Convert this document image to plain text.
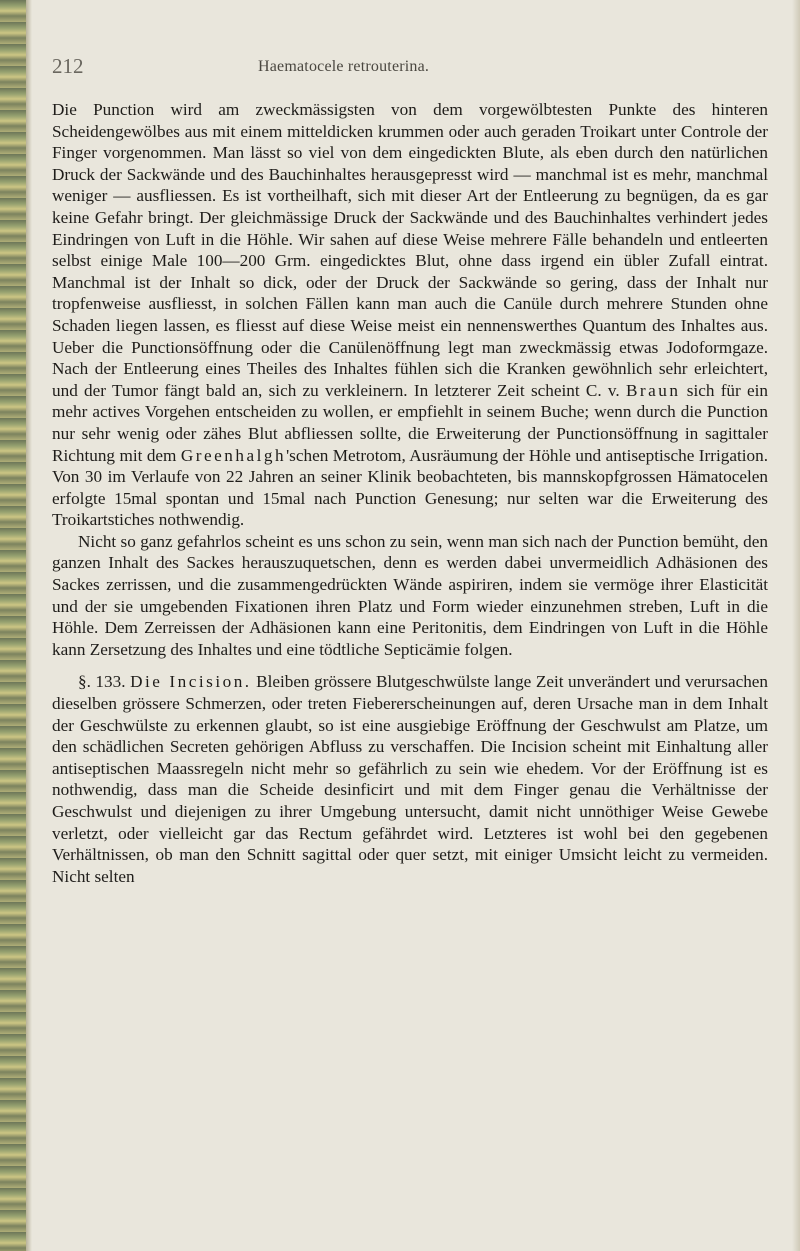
212	Haematocele retrouterina.

Die Punction wird am zweckmässigsten von dem vorgewölbtesten Punkte des hinteren Scheidengewölbes aus mit einem mitteldicken krummen oder auch geraden Troikart unter Controle der Finger vorgenommen. Man lässt so viel von dem eingedickten Blute, als eben durch den natürlichen Druck der Sackwände und des Bauchinhaltes herausgepresst wird — manchmal ist es mehr, manchmal weniger — ausfliessen. Es ist vortheilhaft, sich mit dieser Art der Entleerung zu begnügen, da es gar keine Gefahr bringt. Der gleichmässige Druck der Sackwände und des Bauchinhaltes verhindert jedes Eindringen von Luft in die Höhle. Wir sahen auf diese Weise mehrere Fälle behandeln und entleerten selbst einige Male 100—200 Grm. eingedicktes Blut, ohne dass irgend ein übler Zufall eintrat. Manchmal ist der Inhalt so dick, oder der Druck der Sackwände so gering, dass der Inhalt nur tropfenweise ausfliesst, in solchen Fällen kann man auch die Canüle durch mehrere Stunden ohne Schaden liegen lassen, es fliesst auf diese Weise meist ein nennenswerthes Quantum des Inhaltes aus. Ueber die Punctionsöffnung oder die Canülenöffnung legt man zweckmässig etwas Jodoformgaze. Nach der Entleerung eines Theiles des Inhaltes fühlen sich die Kranken gewöhnlich sehr erleichtert, und der Tumor fängt bald an, sich zu verkleinern. In letzterer Zeit scheint C. v. Braun sich für ein mehr actives Vorgehen entscheiden zu wollen, er empfiehlt in seinem Buche; wenn durch die Punction nur sehr wenig oder zähes Blut abfliessen sollte, die Erweiterung der Punctionsöffnung in sagittaler Richtung mit dem Greenhalgh'schen Metrotom, Ausräumung der Höhle und antiseptische Irrigation. Von 30 im Verlaufe von 22 Jahren an seiner Klinik beobachteten, bis mannskopfgrossen Hämatocelen erfolgte 15mal spontan und 15mal nach Punction Genesung; nur selten war die Erweiterung des Troikartstiches nothwendig.

Nicht so ganz gefahrlos scheint es uns schon zu sein, wenn man sich nach der Punction bemüht, den ganzen Inhalt des Sackes herauszuquetschen, denn es werden dabei unvermeidlich Adhäsionen des Sackes zerrissen, und die zusammengedrückten Wände aspiriren, indem sie vermöge ihrer Elasticität und der sie umgebenden Fixationen ihren Platz und Form wieder einzunehmen streben, Luft in die Höhle. Dem Zerreissen der Adhäsionen kann eine Peritonitis, dem Eindringen von Luft in die Höhle kann Zersetzung des Inhaltes und eine tödtliche Septicämie folgen.

§. 133. Die Incision. Bleiben grössere Blutgeschwülste lange Zeit unverändert und verursachen dieselben grössere Schmerzen, oder treten Fiebererscheinungen auf, deren Ursache man in dem Inhalt der Geschwülste zu erkennen glaubt, so ist eine ausgiebige Eröffnung der Geschwulst am Platze, um den schädlichen Secreten gehörigen Abfluss zu verschaffen. Die Incision scheint mit Einhaltung aller antiseptischen Maassregeln nicht mehr so gefährlich zu sein wie ehedem. Vor der Eröffnung ist es nothwendig, dass man die Scheide desinficirt und mit dem Finger genau die Verhältnisse der Geschwulst und diejenigen zu ihrer Umgebung untersucht, damit nicht unnöthiger Weise Gewebe verletzt, oder vielleicht gar das Rectum gefährdet wird. Letzteres ist wohl bei den gegebenen Verhältnissen, ob man den Schnitt sagittal oder quer setzt, mit einiger Umsicht leicht zu vermeiden. Nicht selten
